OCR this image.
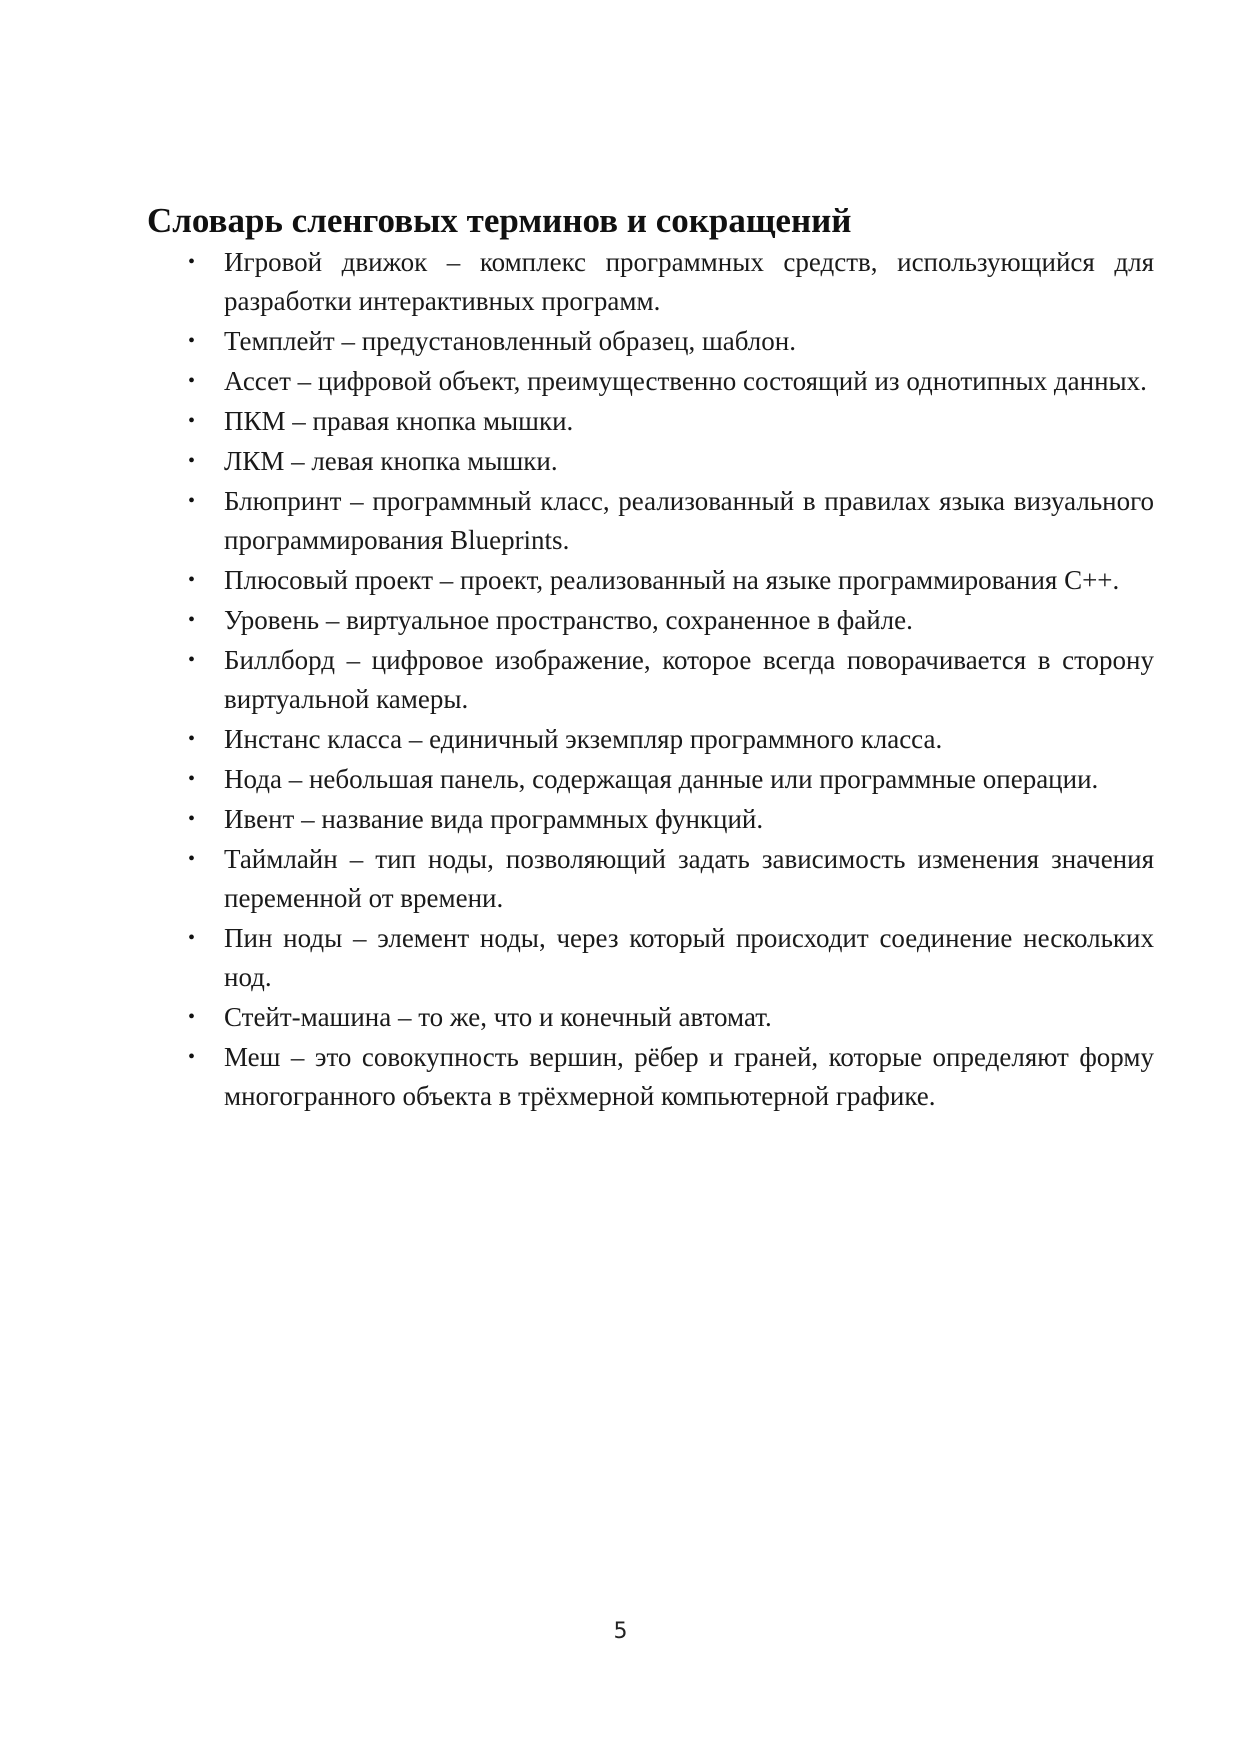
Словарь сленговых терминов и сокращений
• Игровой движок – комплекс программных средств, использующийся для разработки интерактивных программ.
• Темплейт – предустановленный образец, шаблон.
• Ассет – цифровой объект, преимущественно состоящий из однотипных данных.
• ПКМ – правая кнопка мышки.
• ЛКМ – левая кнопка мышки.
• Блюпринт – программный класс, реализованный в правилах языка визуального программирования Blueprints.
• Плюсовый проект – проект, реализованный на языке программирования С++.
• Уровень – виртуальное пространство, сохраненное в файле.
• Биллборд – цифровое изображение, которое всегда поворачивается в сторону виртуальной камеры.
• Инстанс класса – единичный экземпляр программного класса.
• Нода – небольшая панель, содержащая данные или программные операции.
• Ивент – название вида программных функций.
• Таймлайн – тип ноды, позволяющий задать зависимость изменения значения переменной от времени.
• Пин ноды – элемент ноды, через который происходит соединение нескольких нод.
• Стейт-машина – то же, что и конечный автомат.
• Меш – это совокупность вершин, рёбер и граней, которые определяют форму многогранного объекта в трёхмерной компьютерной графике.
5
